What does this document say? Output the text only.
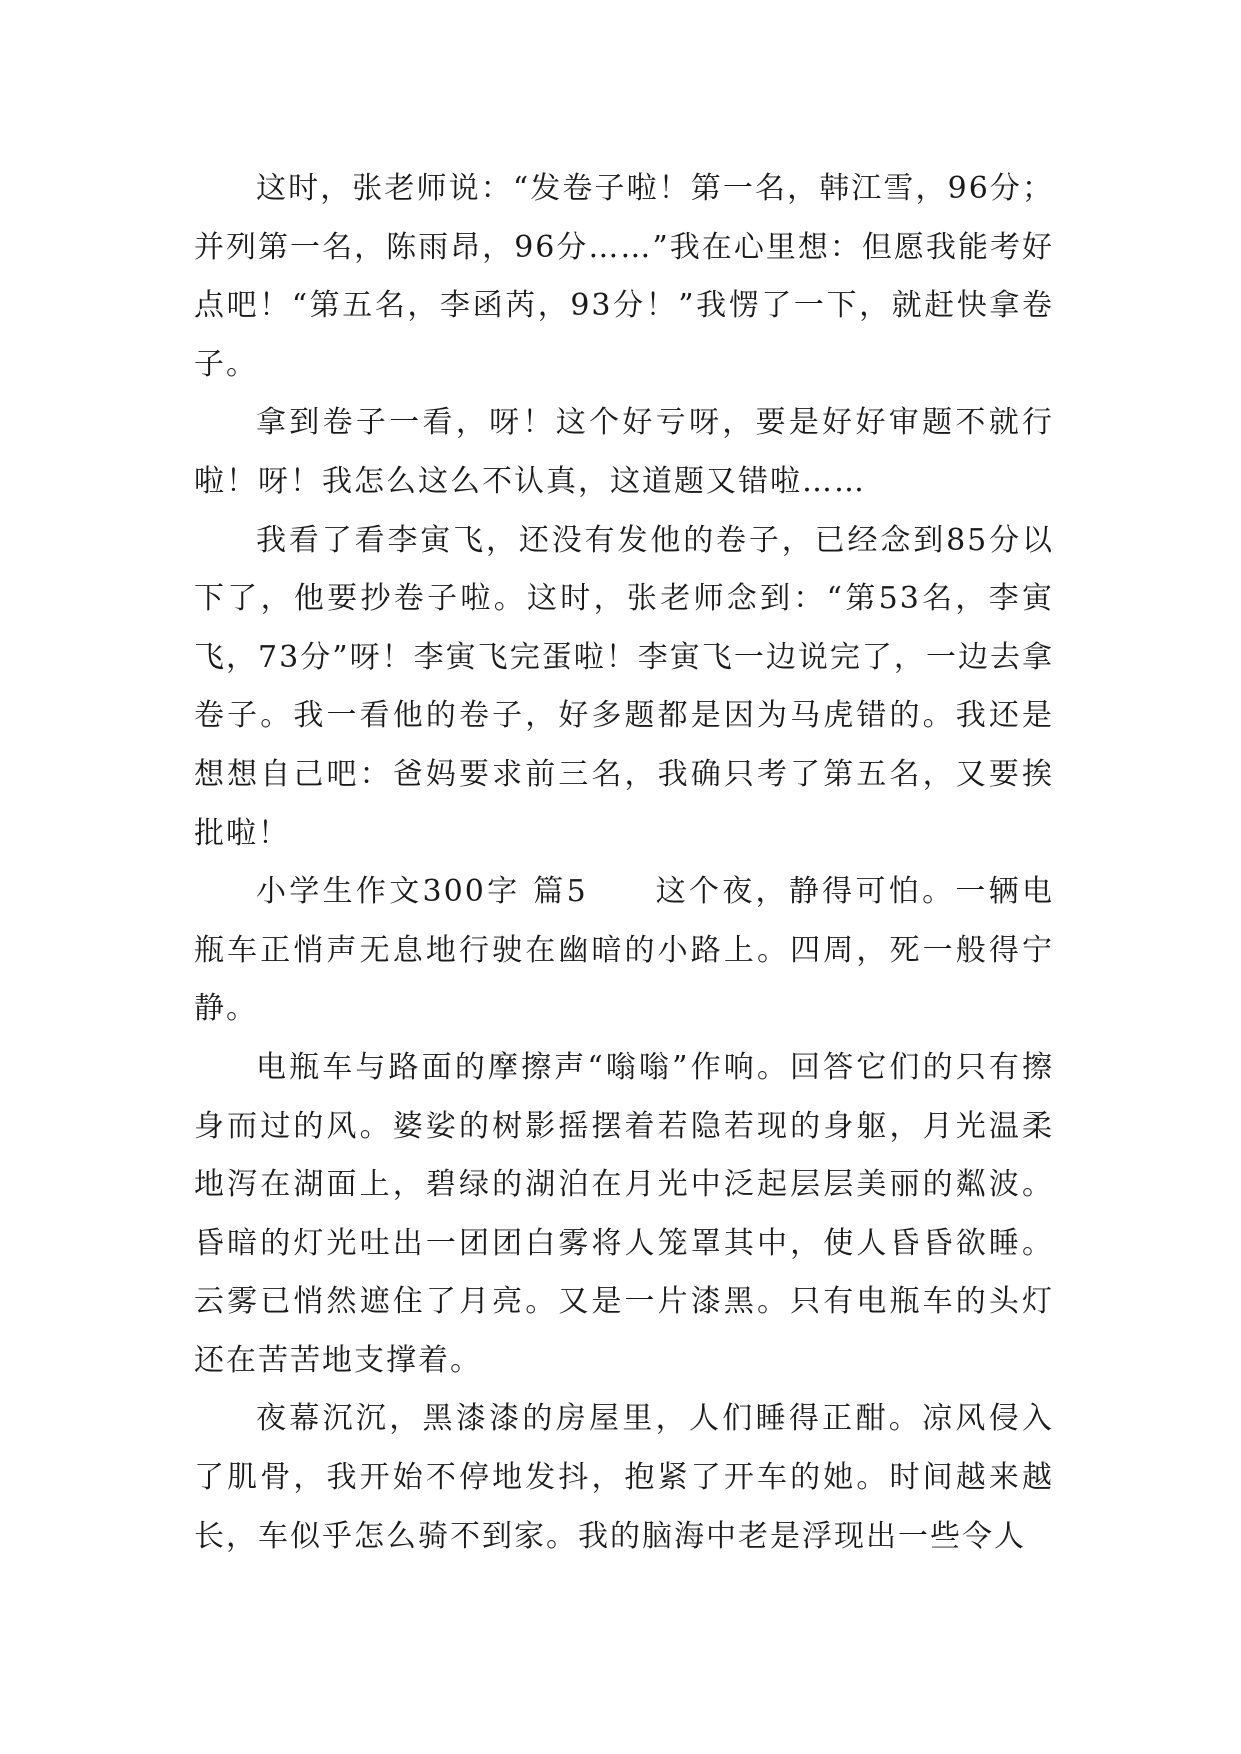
这时，张老师说：“发卷子啦！第一名，韩江雪，96分；并列第一名，陈雨昂，96分……”我在心里想：但愿我能考好点吧！“第五名，李函芮，93分！”我愣了一下，就赶快拿卷子。

拿到卷子一看，呀！这个好亏呀，要是好好审题不就行啦！呀！我怎么这么不认真，这道题又错啦……

我看了看李寅飞，还没有发他的卷子，已经念到85分以下了，他要抄卷子啦。这时，张老师念到：“第53名，李寅飞，73分”呀！李寅飞完蛋啦！李寅飞一边说完了，一边去拿卷子。我一看他的卷子，好多题都是因为马虎错的。我还是想想自己吧：爸妈要求前三名，我确只考了第五名，又要挨批啦！

小学生作文300字 篇5　　这个夜，静得可怕。一辆电瓶车正悄声无息地行驶在幽暗的小路上。四周，死一般得宁静。

电瓶车与路面的摩擦声“嗡嗡”作响。回答它们的只有擦身而过的风。婆娑的树影摇摆着若隐若现的身躯，月光温柔地泻在湖面上，碧绿的湖泊在月光中泛起层层美丽的粼波。昏暗的灯光吐出一团团白雾将人笼罩其中，使人昏昏欲睡。云雾已悄然遮住了月亮。又是一片漆黑。只有电瓶车的头灯还在苦苦地支撑着。

夜幕沉沉，黑漆漆的房屋里，人们睡得正酣。凉风侵入了肌骨，我开始不停地发抖，抱紧了开车的她。时间越来越长，车似乎怎么骑不到家。我的脑海中老是浮现出一些令人
